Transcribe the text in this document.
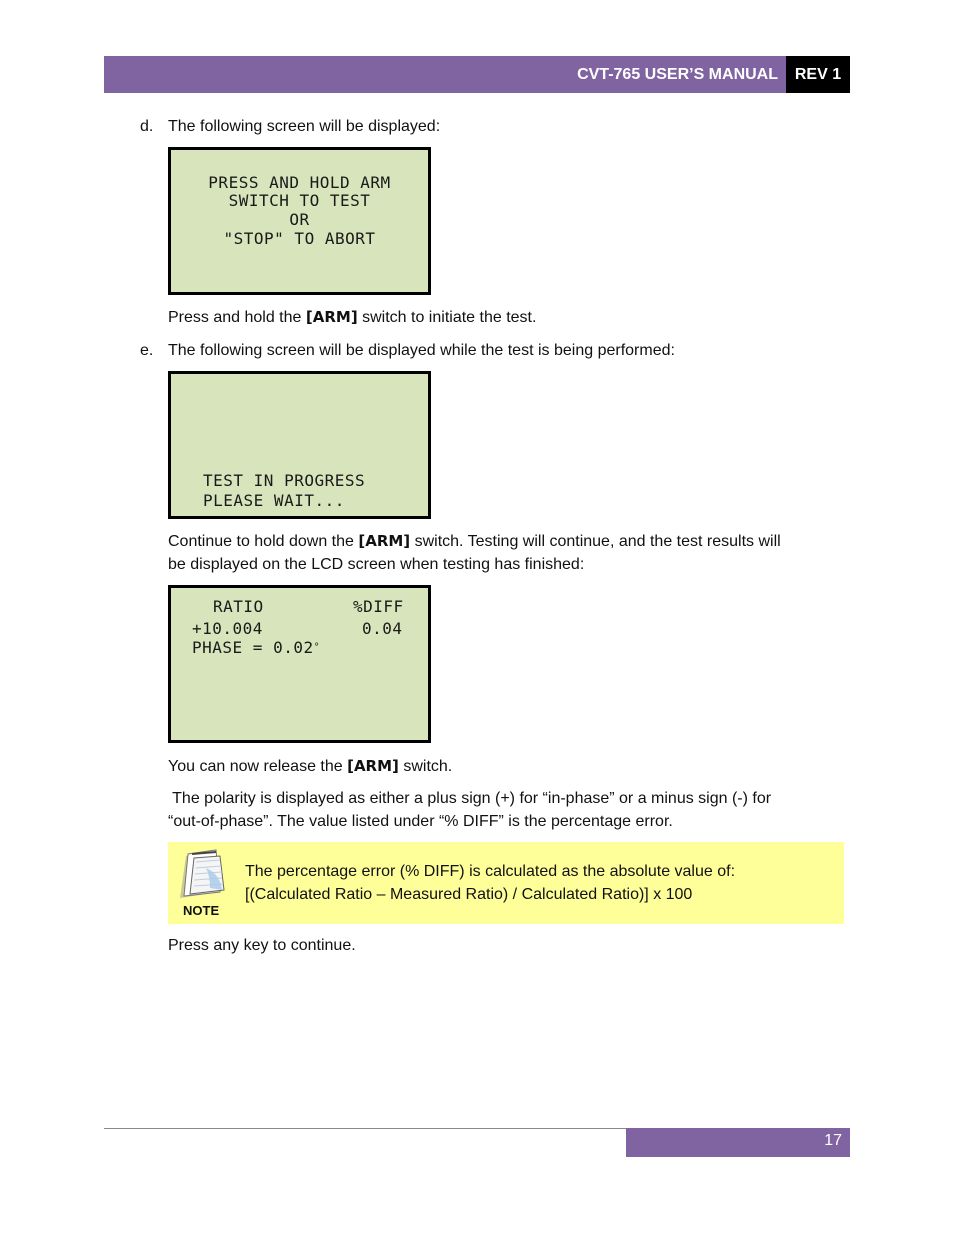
CVT-765 USER’S MANUAL	REV 1
d. The following screen will be displayed:
PRESS AND HOLD ARM
SWITCH TO TEST
OR
"STOP" TO ABORT
Press and hold the [ARM] switch to initiate the test.
e. The following screen will be displayed while the test is being performed:
TEST IN PROGRESS
PLEASE WAIT...
Continue to hold down the [ARM] switch. Testing will continue, and the test results will
be displayed on the LCD screen when testing has finished:
RATIO	%DIFF
+10.004	0.04
PHASE = 0.02°
You can now release the [ARM] switch.
The polarity is displayed as either a plus sign (+) for “in-phase” or a minus sign (-) for
“out-of-phase”. The value listed under “% DIFF” is the percentage error.
NOTE
The percentage error (% DIFF) is calculated as the absolute value of:
[(Calculated Ratio – Measured Ratio) / Calculated Ratio)] x 100
Press any key to continue.
17
